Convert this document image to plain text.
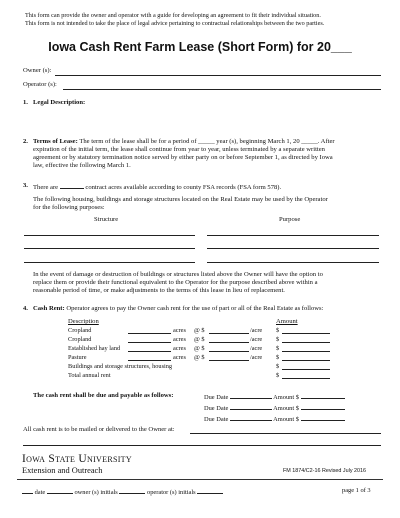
This form can provide the owner and operator with a guide for developing an agreement to fit their individual situation.
This form is not intended to take the place of legal advice pertaining to contractual relationships between the two parties.
Iowa Cash Rent Farm Lease (Short Form) for 20___
Owner (s):
Operator (s):
1. Legal Description:
2. Terms of Lease: The term of the lease shall be for a period of _____ year (s), beginning March 1, 20 _____. After
expiration of the initial term, the lease shall continue from year to year, unless terminated by a separate written
agreement or by statutory termination notice served by either party on or before September 1, as directed by Iowa
law, effective the following March 1.
3. There are	contract acres available according to county FSA records (FSA form 578).
The following housing, buildings and storage structures located on the Real Estate may be used by the Operator
for the following purposes:
Structure	Purpose
In the event of damage or destruction of buildings or structures listed above the Owner will have the option to
replace them or provide their functional equivalent to the Operator for the purpose described above within a
reasonable period of time, or make adjustments to the terms of this lease in lieu of replacement.
4. Cash Rent: Operator agrees to pay the Owner cash rent for the use of part or all of the Real Estate as follows:
Description	Amount
Cropland	acres @ $	/acre $
Cropland	acres @ $	/acre $
Established hay land	acres @ $	/acre $
Pasture	acres @ $	/acre $
Buildings and storage structures, housing	$
Total annual rent	$
The cash rent shall be due and payable as follows:	Due Date	Amount $
Due Date	Amount $
Due Date	Amount $
All cash rent is to be mailed or delivered to the Owner at:
Iowa State University
Extension and Outreach	FM 1874/C2-16 Revised July 2016
date	owner (s) initials	operator (s) initials	page 1 of 3
